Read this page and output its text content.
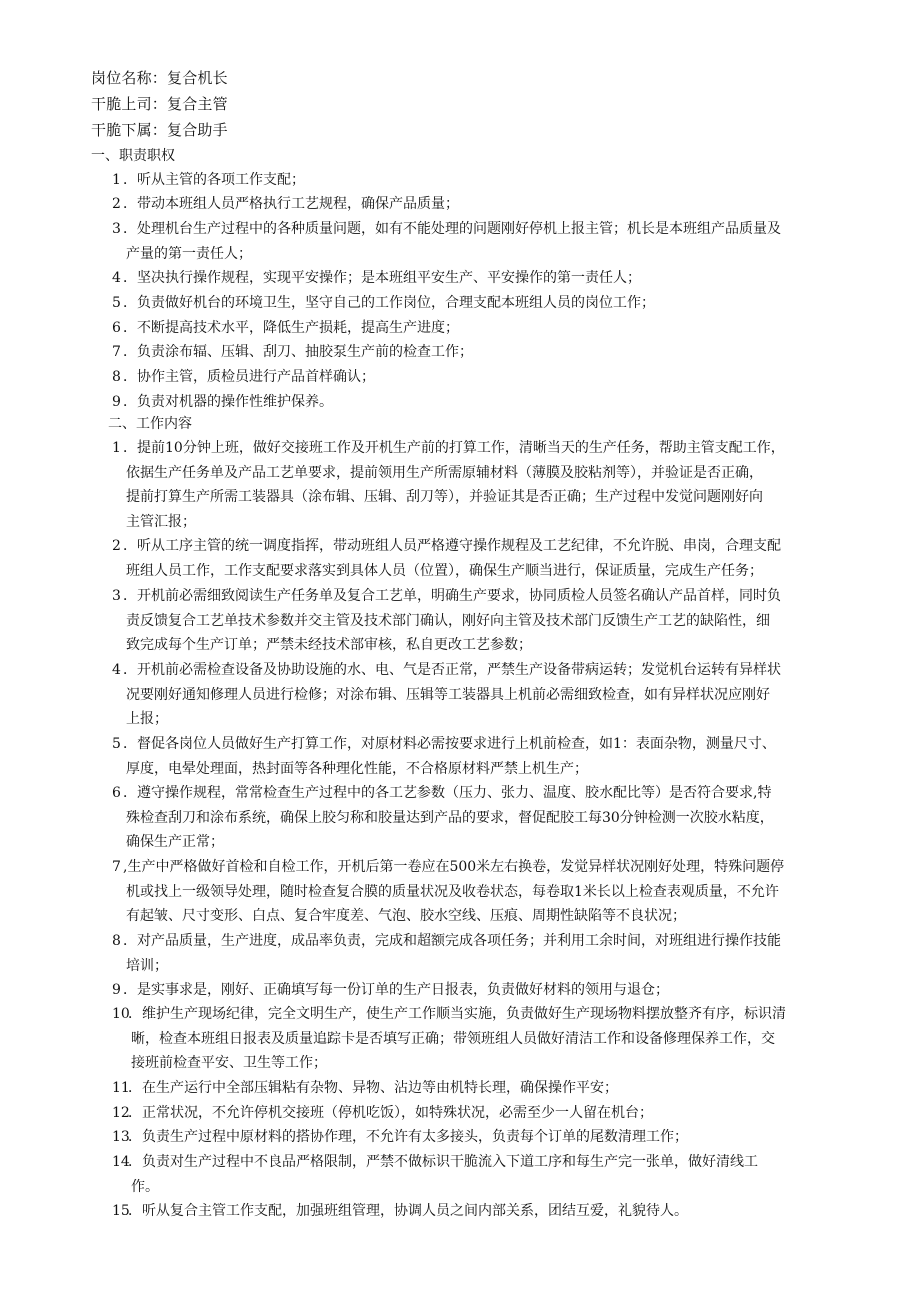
岗位名称：复合机长
干脆上司：复合主管
干脆下属：复合助手
一、职责职权
1 ．听从主管的各项工作支配；
2 ．带动本班组人员严格执行工艺规程，确保产品质量；
3 ．处理机台生产过程中的各种质量问题，如有不能处理的问题刚好停机上报主管；机长是本班组产品质量及
产量的第一责任人；
4 ．坚决执行操作规程，实现平安操作；是本班组平安生产、平安操作的第一责任人；
5 ．负责做好机台的环境卫生，坚守自己的工作岗位，合理支配本班组人员的岗位工作；
6 ．不断提高技术水平，降低生产损耗，提高生产进度；
7 ．负责涂布辐、压辑、刮刀、抽胶泵生产前的检查工作；
8 ．协作主管，质检员进行产品首样确认；
9 ．负责对机器的操作性维护保养。
二、工作内容
1 ．提前10分钟上班，做好交接班工作及开机生产前的打算工作，清晰当天的生产任务，帮助主管支配工作，
依据生产任务单及产品工艺单要求，提前领用生产所需原辅材料（薄膜及胶粘剂等），并验证是否正确，
提前打算生产所需工装器具（涂布辑、压辑、刮刀等），并验证其是否正确；生产过程中发觉问题刚好向
主管汇报；
2 ．听从工序主管的统一调度指挥，带动班组人员严格遵守操作规程及工艺纪律，不允许脱、串岗，合理支配
班组人员工作，工作支配要求落实到具体人员（位置），确保生产顺当进行，保证质量，完成生产任务；
3 ．开机前必需细致阅读生产任务单及复合工艺单，明确生产要求，协同质检人员签名确认产品首样，同时负
责反馈复合工艺单技术参数并交主管及技术部门确认，刚好向主管及技术部门反馈生产工艺的缺陷性，细
致完成每个生产订单；严禁未经技术部审核，私自更改工艺参数；
4 ．开机前必需检查设备及协助设施的水、电、气是否正常，严禁生产设备带病运转；发觉机台运转有异样状
况要刚好通知修理人员进行检修；对涂布辑、压辑等工装器具上机前必需细致检查，如有异样状况应刚好
上报；
5 ．督促各岗位人员做好生产打算工作，对原材料必需按要求进行上机前检查，如1：表面杂物，测量尺寸、
厚度，电晕处理面，热封面等各种理化性能，不合格原材料严禁上机生产；
6 ．遵守操作规程，常常检查生产过程中的各工艺参数（压力、张力、温度、胶水配比等）是否符合要求,特
殊检查刮刀和涂布系统，确保上胶匀称和胶量达到产品的要求，督促配胶工每30分钟检测一次胶水粘度，
确保生产正常；
7 ,生产中严格做好首检和自检工作，开机后第一卷应在500米左右换卷，发觉异样状况刚好处理，特殊问题停
机或找上一级领导处理，随时检查复合膜的质量状况及收卷状态，每卷取1米长以上检查表观质量，不允许
有起皱、尺寸变形、白点、复合牢度差、气泡、胶水空线、压痕、周期性缺陷等不良状况；
8 ．对产品质量，生产进度，成品率负责，完成和超额完成各项任务；并利用工余时间，对班组进行操作技能
培训；
9 ．是实事求是，刚好、正确填写每一份订单的生产日报表，负责做好材料的领用与退仓；
10
．维护生产现场纪律，完全文明生产，使生产工作顺当实施，负责做好生产现场物料摆放整齐有序，标识清
晰，检查本班组日报表及质量追踪卡是否填写正确；带领班组人员做好清洁工作和设备修理保养工作，交
接班前检查平安、卫生等工作；
11
．在生产运行中全部压辑粘有杂物、异物、沾边等由机特长理，确保操作平安；
12
．正常状况，不允许停机交接班（停机吃饭），如特殊状况，必需至少一人留在机台；
13
．负责生产过程中原材料的搭协作理，不允许有太多接头，负责每个订单的尾数清理工作；
14
．负责对生产过程中不良品严格限制，严禁不做标识干脆流入下道工序和每生产完一张单，做好清线工
作。
15
．听从复合主管工作支配，加强班组管理，协调人员之间内部关系，团结互爱，礼貌待人。
